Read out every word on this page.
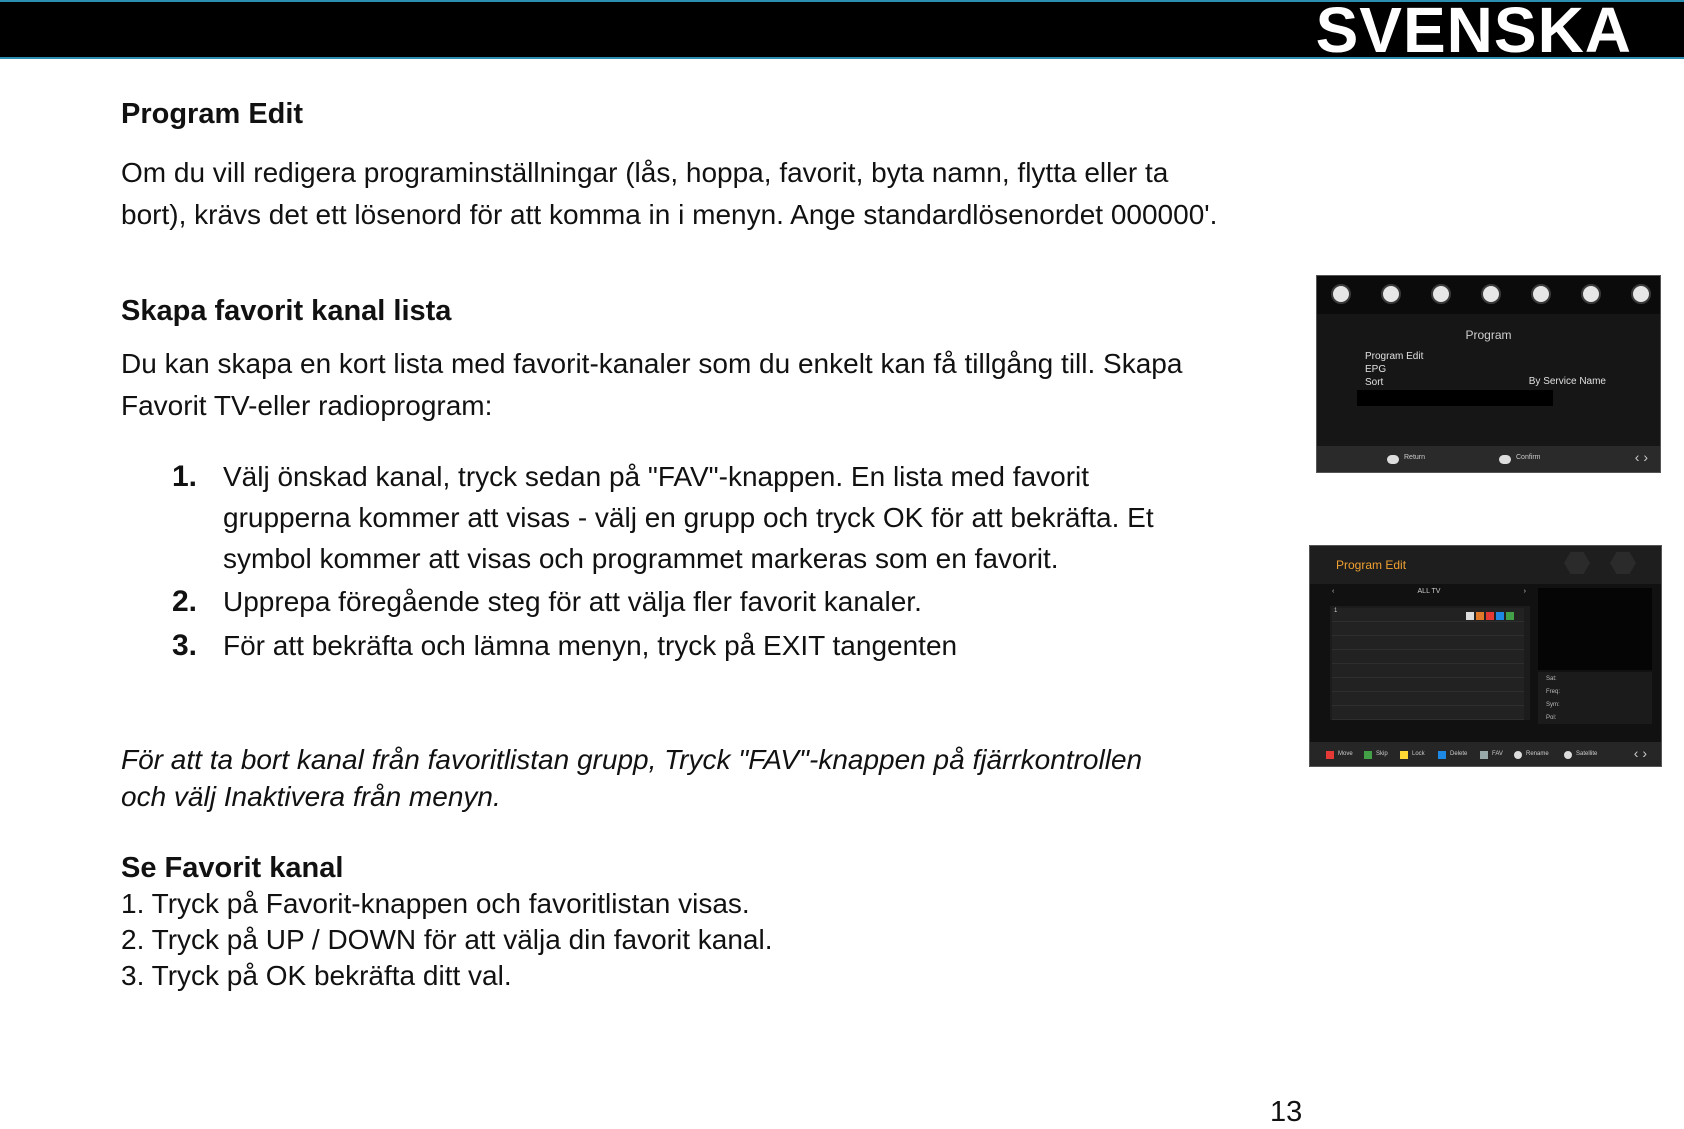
SVENSKA
Program Edit
Om du vill redigera programinställningar (lås, hoppa, favorit, byta namn, flytta eller ta
bort), krävs det ett lösenord för att komma in i menyn. Ange standardlösenordet 000000'.
Skapa favorit kanal lista
Du kan skapa en kort lista med favorit-kanaler som du enkelt kan få tillgång till. Skapa
Favorit TV-eller radioprogram:
1. Välj önskad kanal, tryck sedan på "FAV"-knappen. En lista med favorit
grupperna kommer att visas - välj en grupp och tryck OK för att bekräfta. Et
symbol kommer att visas och programmet markeras som en favorit.
2. Upprepa föregående steg för att välja fler favorit kanaler.
3. För att bekräfta och lämna menyn, tryck på EXIT tangenten
För att ta bort kanal från favoritlistan grupp, Tryck "FAV"-knappen på fjärrkontrollen
och välj Inaktivera från menyn.
Se Favorit kanal
1. Tryck på Favorit-knappen och favoritlistan visas.
2. Tryck på UP / DOWN för att välja din favorit kanal.
3. Tryck på OK bekräfta ditt val.
13
Program
Program Edit
EPG
Sort	By Service Name
Return	Confirm	‹ ›
Program Edit
‹	ALL TV	›
1
Sat:
Freq:
Sym:
Pol:
Move	Skip	Lock	Delete	FAV	Rename	Satellite	‹ ›
